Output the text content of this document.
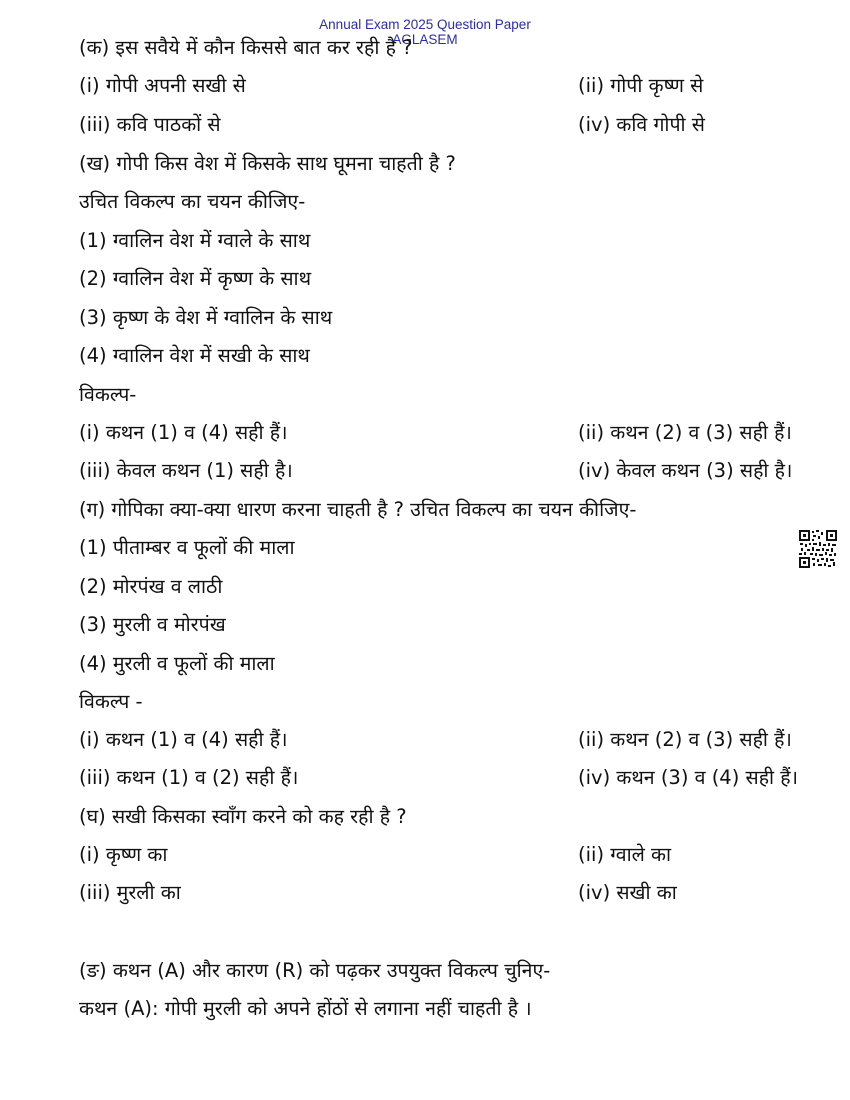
Annual Exam 2025 Question Paper
AGLASEM
(क) इस सवैये में कौन किससे बात कर रही है ?
(i) गोपी अपनी सखी से	(ii) गोपी कृष्ण से
(iii) कवि पाठकों से	(iv) कवि गोपी से
(ख) गोपी किस वेश में किसके साथ घूमना चाहती है ?
उचित विकल्प का चयन कीजिए-
(1) ग्वालिन वेश में ग्वाले के साथ
(2) ग्वालिन वेश में कृष्ण के साथ
(3) कृष्ण के वेश में ग्वालिन के साथ
(4) ग्वालिन वेश में सखी के साथ
विकल्प-
(i) कथन (1) व (4) सही हैं।	(ii) कथन (2) व (3) सही हैं।
(iii) केवल कथन (1) सही है।	(iv) केवल कथन (3) सही है।
(ग) गोपिका क्या-क्या धारण करना चाहती है ? उचित विकल्प का चयन कीजिए-
(1) पीताम्बर व फूलों की माला
(2) मोरपंख व लाठी
(3) मुरली व मोरपंख
(4) मुरली व फूलों की माला
विकल्प -
(i) कथन (1) व (4) सही हैं।	(ii) कथन (2) व (3) सही हैं।
(iii) कथन (1) व (2) सही हैं।	(iv) कथन (3) व (4) सही हैं।
(घ) सखी किसका स्वाँग करने को कह रही है ?
(i) कृष्ण का	(ii) ग्वाले का
(iii) मुरली का	(iv) सखी का
(ङ) कथन (A) और कारण (R) को पढ़कर उपयुक्त विकल्प चुनिए-
कथन (A): गोपी मुरली को अपने होंठों से लगाना नहीं चाहती है ।
